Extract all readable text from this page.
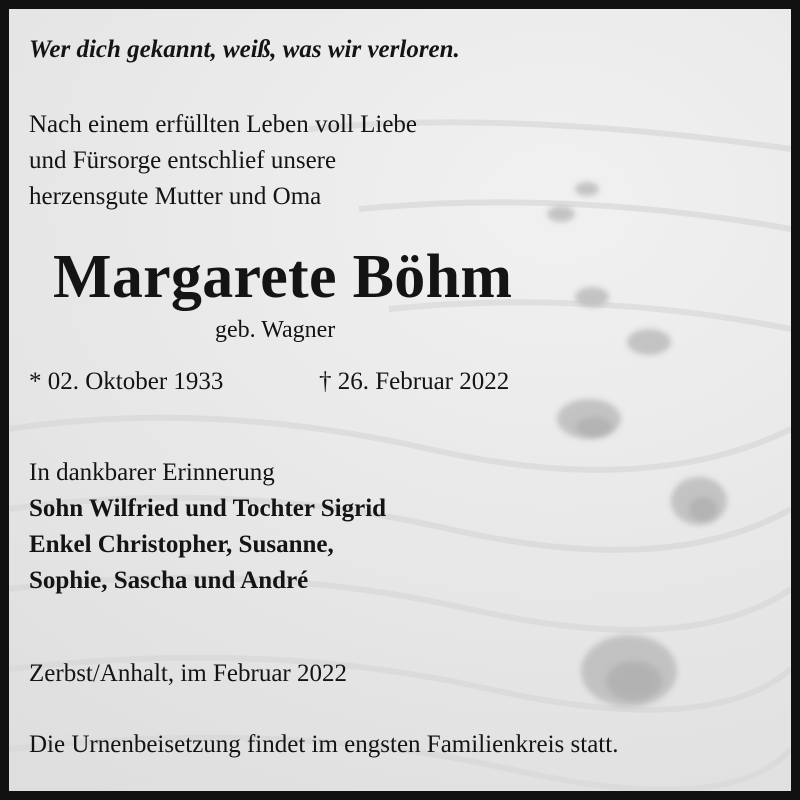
Wer dich gekannt, weiß, was wir verloren.

Nach einem erfüllten Leben voll Liebe
und Fürsorge entschlief unsere
herzensgute Mutter und Oma

Margarete Böhm

geb. Wagner

* 02. Oktober 1933	† 26. Februar 2022

In dankbarer Erinnerung
Sohn Wilfried und Tochter Sigrid
Enkel Christopher, Susanne,
Sophie, Sascha und André

Zerbst/Anhalt, im Februar 2022

Die Urnenbeisetzung findet im engsten Familienkreis statt.
